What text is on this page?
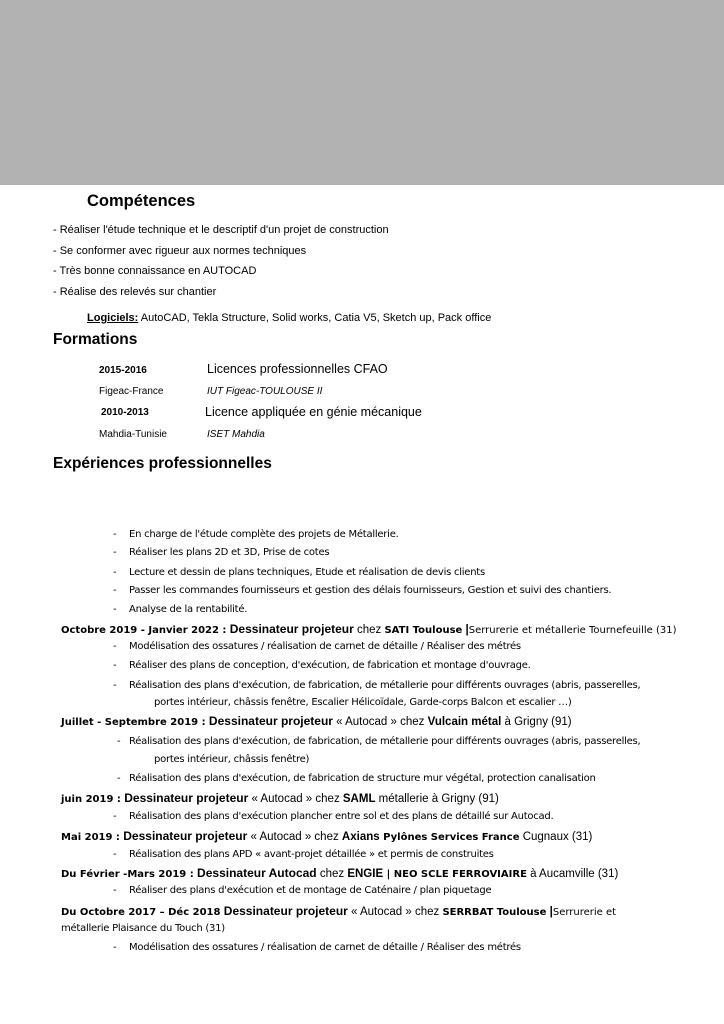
Compétences
- Réaliser l'étude technique et le descriptif d'un projet de construction
- Se conformer avec rigueur aux normes techniques
- Très bonne connaissance en AUTOCAD
- Réalise des relevés sur chantier
Logiciels: AutoCAD, Tekla Structure, Solid works, Catia V5, Sketch up, Pack office
Formations
2015-2016	Licences professionnelles CFAO
Figeac-France	IUT Figeac-TOULOUSE II
2010-2013	Licence appliquée en génie mécanique
Mahdia-Tunisie	ISET Mahdia
Expériences professionnelles
- En charge de l'étude complète des projets de Métallerie.
- Réaliser les plans 2D et 3D, Prise de cotes
- Lecture et dessin de plans techniques, Etude et réalisation de devis clients
- Passer les commandes fournisseurs et gestion des délais fournisseurs, Gestion et suivi des chantiers.
- Analyse de la rentabilité.
Octobre 2019 - Janvier 2022 : Dessinateur projeteur chez SATI Toulouse |Serrurerie et métallerie Tournefeuille (31)
- Modélisation des ossatures / réalisation de carnet de détaille / Réaliser des métrés
- Réaliser des plans de conception, d'exécution, de fabrication et montage d'ouvrage.
- Réalisation des plans d'exécution, de fabrication, de métallerie pour différents ouvrages (abris, passerelles,
portes intérieur, châssis fenêtre, Escalier Hélicoïdale, Garde-corps Balcon et escalier …)
Juillet - Septembre 2019 : Dessinateur projeteur « Autocad » chez Vulcain métal à Grigny (91)
- Réalisation des plans d'exécution, de fabrication, de métallerie pour différents ouvrages (abris, passerelles,
portes intérieur, châssis fenêtre)
- Réalisation des plans d'exécution, de fabrication de structure mur végétal, protection canalisation
juin 2019 : Dessinateur projeteur « Autocad » chez SAML métallerie à Grigny (91)
- Réalisation des plans d'exécution plancher entre sol et des plans de détaillé sur Autocad.
Mai 2019 : Dessinateur projeteur « Autocad » chez Axians Pylônes Services France Cugnaux (31)
- Réalisation des plans APD « avant-projet détaillée » et permis de construites
Du Février -Mars 2019 : Dessinateur Autocad chez ENGIE | NEO SCLE FERROVIAIRE à Aucamville (31)
- Réaliser des plans d'exécution et de montage de Caténaire / plan piquetage
Du Octobre 2017 – Déc 2018 Dessinateur projeteur « Autocad » chez SERRBAT Toulouse |Serrurerie et
métallerie Plaisance du Touch (31)
- Modélisation des ossatures / réalisation de carnet de détaille / Réaliser des métrés
